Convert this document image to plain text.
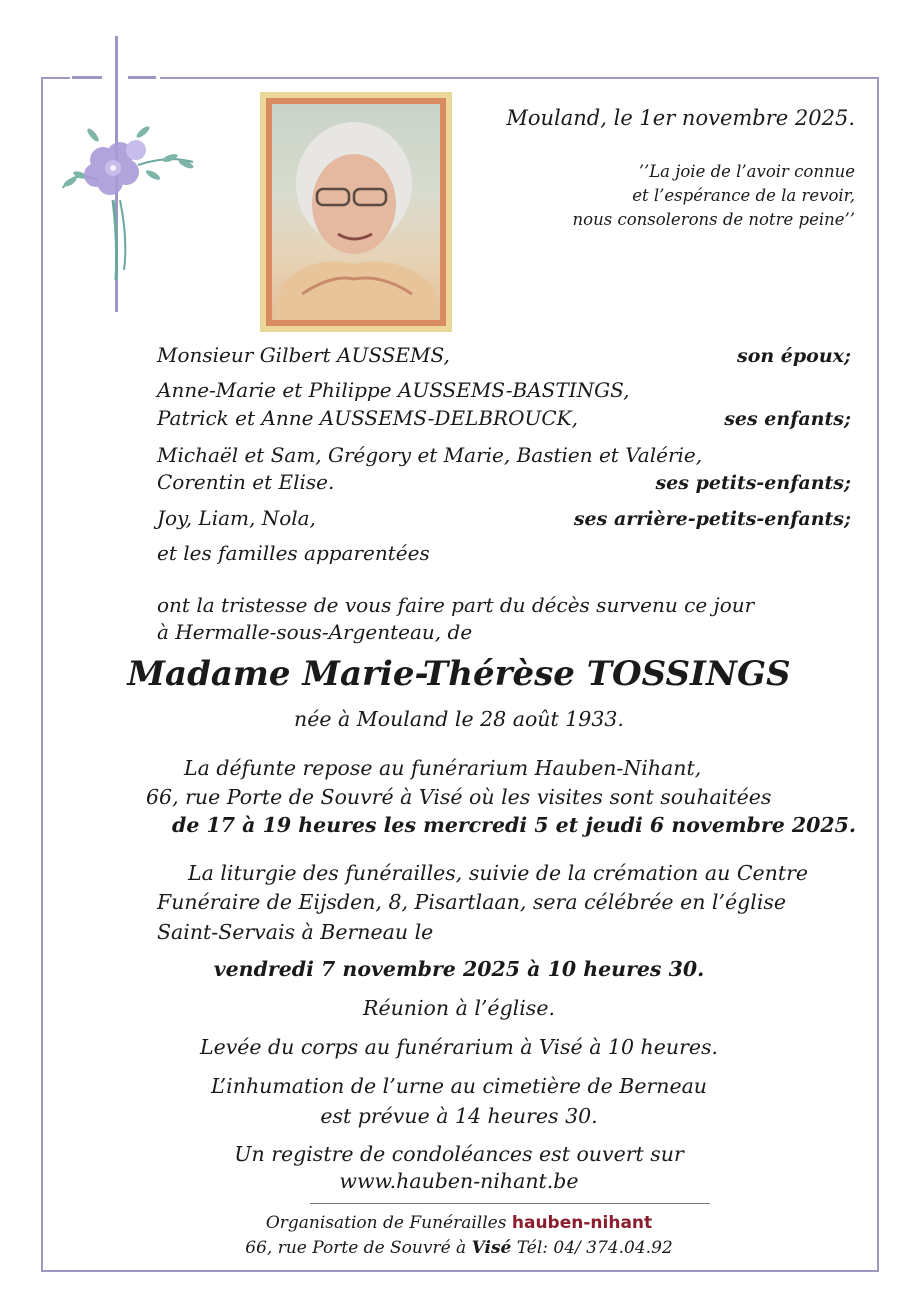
Mouland, le 1er novembre 2025.
’’La joie de l’avoir connue
et l’espérance de la revoir,
nous consolerons de notre peine’’
Monsieur Gilbert AUSSEMS,	son époux;
Anne-Marie et Philippe AUSSEMS-BASTINGS,
Patrick et Anne AUSSEMS-DELBROUCK,	ses enfants;
Michaël et Sam, Grégory et Marie, Bastien et Valérie,
Corentin et Elise.	ses petits-enfants;
Joy, Liam, Nola,	ses arrière-petits-enfants;
et les familles apparentées
ont la tristesse de vous faire part du décès survenu ce jour
à Hermalle-sous-Argenteau, de
Madame Marie-Thérèse TOSSINGS
née à Mouland le 28 août 1933.
La défunte repose au funérarium Hauben-Nihant,
66, rue Porte de Souvré à Visé où les visites sont souhaitées
de 17 à 19 heures les mercredi 5 et jeudi 6 novembre 2025.
La liturgie des funérailles, suivie de la crémation au Centre
Funéraire de Eijsden, 8, Pisartlaan, sera célébrée en l’église
Saint-Servais à Berneau le
vendredi 7 novembre 2025 à 10 heures 30.
Réunion à l’église.
Levée du corps au funérarium à Visé à 10 heures.
L’inhumation de l’urne au cimetière de Berneau
est prévue à 14 heures 30.
Un registre de condoléances est ouvert sur
www.hauben-nihant.be
Organisation de Funérailles hauben-nihant
66, rue Porte de Souvré à Visé Tél: 04/ 374.04.92
